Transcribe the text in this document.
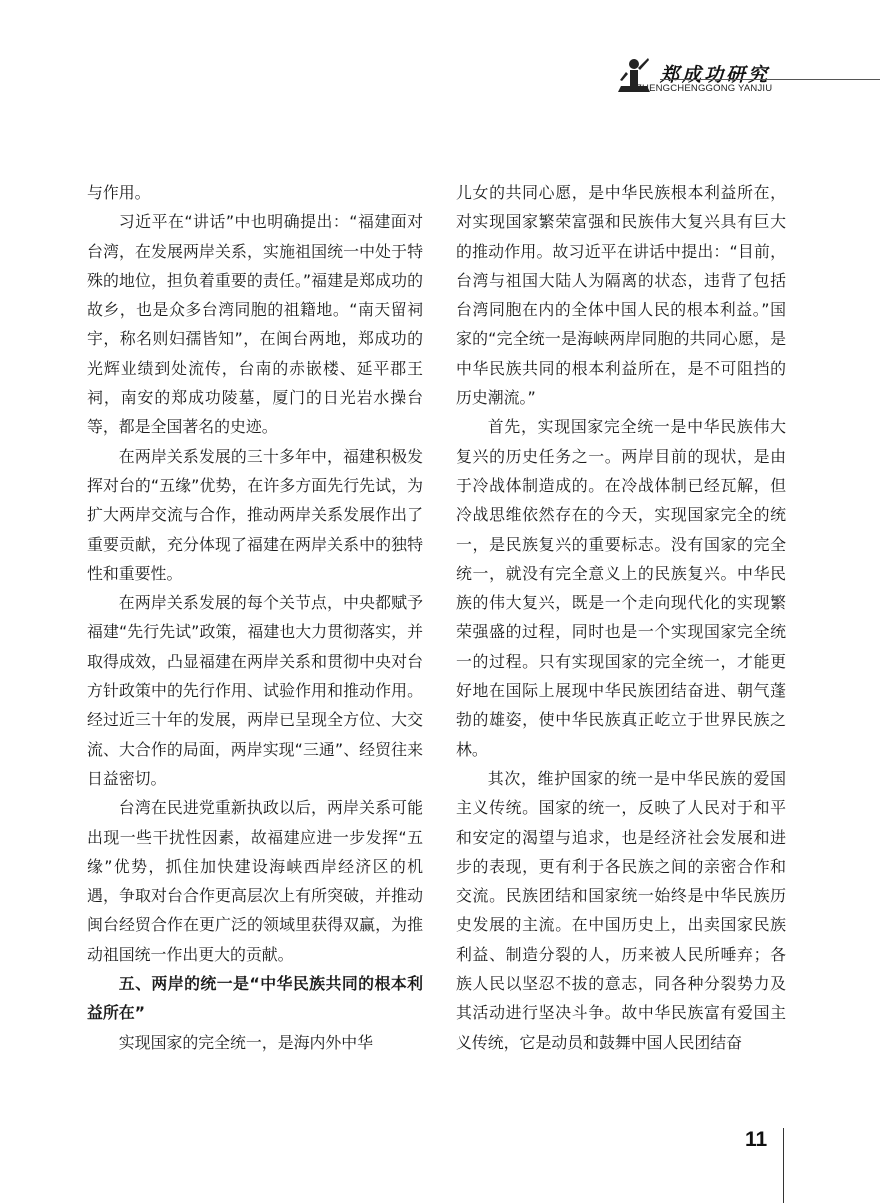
郑成功研究
ZHENGCHENGGONG YANJIU

与作用。

习近平在“讲话”中也明确提出：“福建面对台湾，在发展两岸关系，实施祖国统一中处于特殊的地位，担负着重要的责任。”福建是郑成功的故乡，也是众多台湾同胞的祖籍地。“南天留祠宇，称名则妇孺皆知”，在闽台两地，郑成功的光辉业绩到处流传，台南的赤嵌楼、延平郡王祠，南安的郑成功陵墓，厦门的日光岩水操台等，都是全国著名的史迹。

在两岸关系发展的三十多年中，福建积极发挥对台的“五缘”优势，在许多方面先行先试，为扩大两岸交流与合作，推动两岸关系发展作出了重要贡献，充分体现了福建在两岸关系中的独特性和重要性。

在两岸关系发展的每个关节点，中央都赋予福建“先行先试”政策，福建也大力贯彻落实，并取得成效，凸显福建在两岸关系和贯彻中央对台方针政策中的先行作用、试验作用和推动作用。经过近三十年的发展，两岸已呈现全方位、大交流、大合作的局面，两岸实现“三通”、经贸往来日益密切。

台湾在民进党重新执政以后，两岸关系可能出现一些干扰性因素，故福建应进一步发挥“五缘”优势，抓住加快建设海峡西岸经济区的机遇，争取对台合作更高层次上有所突破，并推动闽台经贸合作在更广泛的领域里获得双赢，为推动祖国统一作出更大的贡献。

五、两岸的统一是“中华民族共同的根本利益所在”

实现国家的完全统一，是海内外中华

儿女的共同心愿，是中华民族根本利益所在，对实现国家繁荣富强和民族伟大复兴具有巨大的推动作用。故习近平在讲话中提出：“目前，台湾与祖国大陆人为隔离的状态，违背了包括台湾同胞在内的全体中国人民的根本利益。”国家的“完全统一是海峡两岸同胞的共同心愿，是中华民族共同的根本利益所在，是不可阻挡的历史潮流。”

首先，实现国家完全统一是中华民族伟大复兴的历史任务之一。两岸目前的现状，是由于冷战体制造成的。在冷战体制已经瓦解，但冷战思维依然存在的今天，实现国家完全的统一，是民族复兴的重要标志。没有国家的完全统一，就没有完全意义上的民族复兴。中华民族的伟大复兴，既是一个走向现代化的实现繁荣强盛的过程，同时也是一个实现国家完全统一的过程。只有实现国家的完全统一，才能更好地在国际上展现中华民族团结奋进、朝气蓬勃的雄姿，使中华民族真正屹立于世界民族之林。

其次，维护国家的统一是中华民族的爱国主义传统。国家的统一，反映了人民对于和平和安定的渴望与追求，也是经济社会发展和进步的表现，更有利于各民族之间的亲密合作和交流。民族团结和国家统一始终是中华民族历史发展的主流。在中国历史上，出卖国家民族利益、制造分裂的人，历来被人民所唾弃；各族人民以坚忍不拔的意志，同各种分裂势力及其活动进行坚决斗争。故中华民族富有爱国主义传统，它是动员和鼓舞中国人民团结奋

11
